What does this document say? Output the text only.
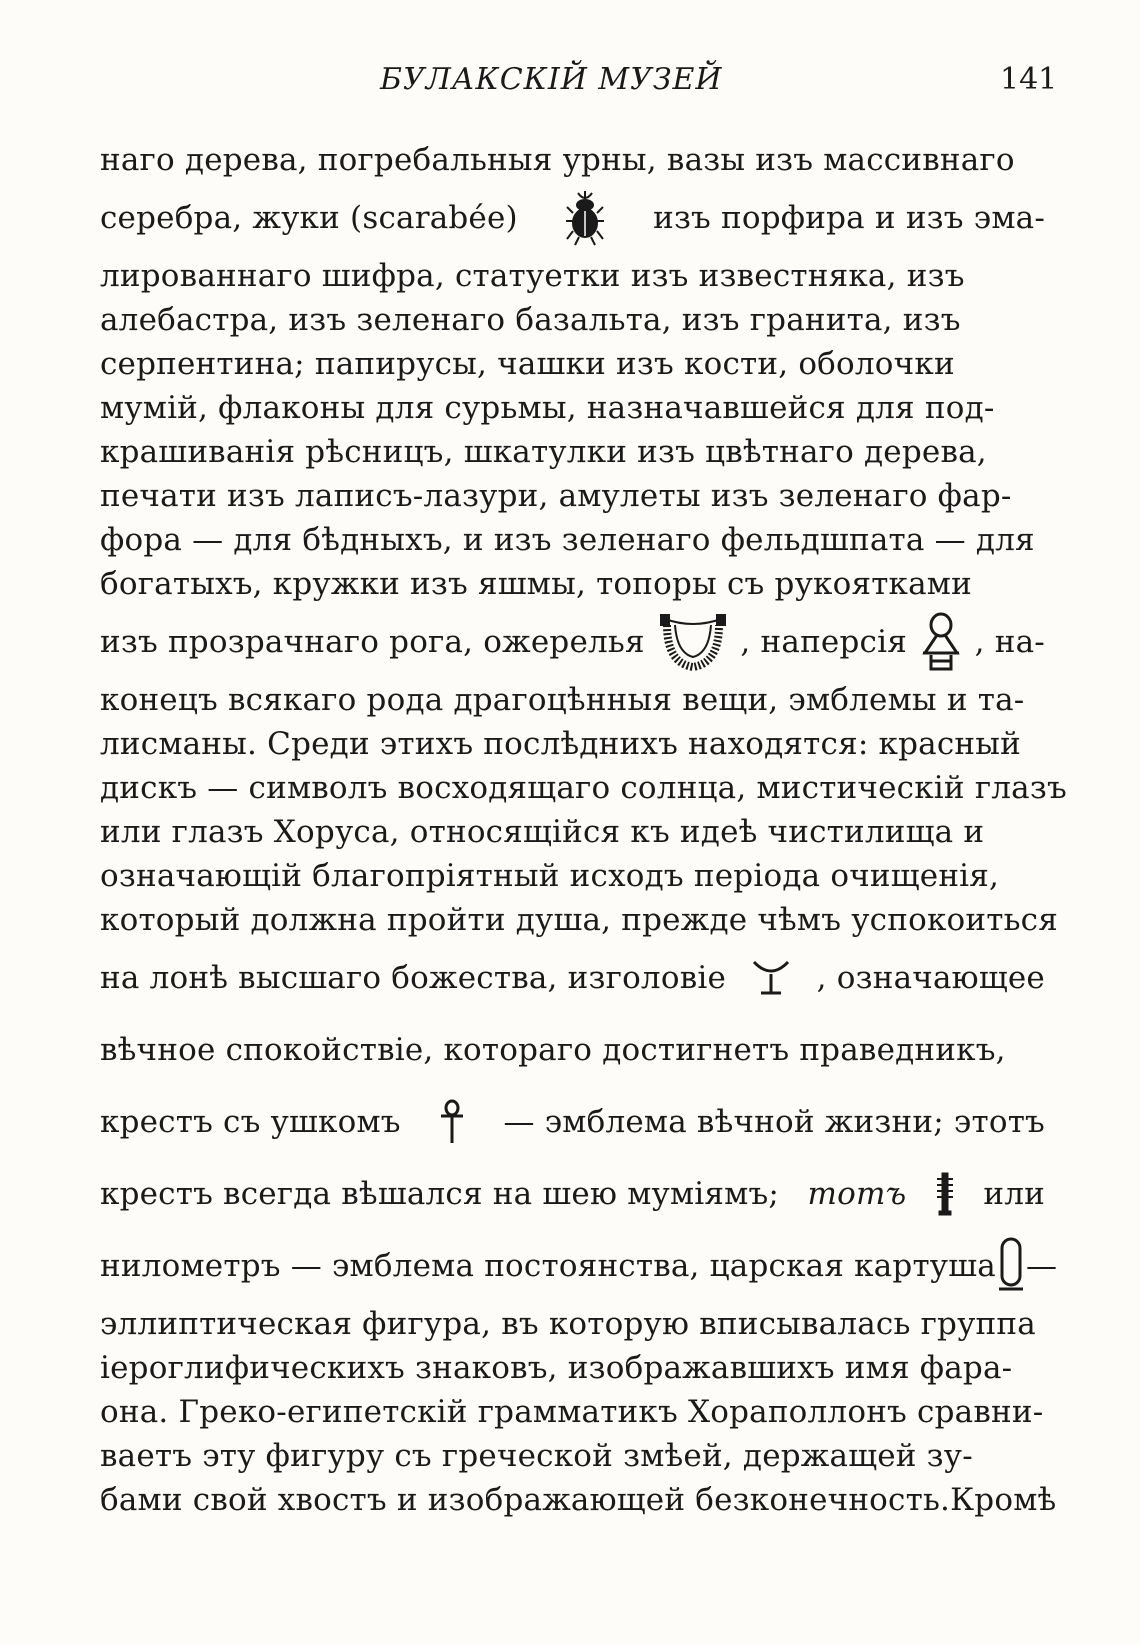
БУЛАКСКІЙ МУЗЕЙ	141
наго дерева, погребальныя урны, вазы изъ массивнаго
серебра, жуки (scarabée)	изъ порфира и изъ эма-
лированнаго шифра, статуетки изъ известняка, изъ
алебастра, изъ зеленаго базальта, изъ гранита, изъ
серпентина; папирусы, чашки изъ кости, оболочки
мумій, флаконы для сурьмы, назначавшейся для под-
крашиванія рѣсницъ, шкатулки изъ цвѣтнаго дерева,
печати изъ лаписъ-лазури, амулеты изъ зеленаго фар-
фора — для бѣдныхъ, и изъ зеленаго фельдшпата — для
богатыхъ, кружки изъ яшмы, топоры съ рукоятками
изъ прозрачнаго рога, ожерелья	, наперсія , на-
конецъ всякаго рода драгоцѣнныя вещи, эмблемы и та-
лисманы. Среди этихъ послѣднихъ находятся: красный
дискъ — символъ восходящаго солнца, мистическій глазъ
или глазъ Хоруса, относящійся къ идеѣ чистилища и
означающій благопріятный исходъ періода очищенія,
который должна пройти душа, прежде чѣмъ успокоиться
на лонѣ высшаго божества, изголовіе	, означающее
вѣчное спокойствіе, котораго достигнетъ праведникъ,
крестъ съ ушкомъ	— эмблема вѣчной жизни; этотъ
крестъ всегда вѣшался на шею муміямъ; тотъ или
нилометръ — эмблема постоянства, царская картуша —
эллиптическая фигура, въ которую вписывалась группа
іероглифическихъ знаковъ, изображавшихъ имя фара-
она. Греко-египетскій грамматикъ Хораполлонъ сравни-
ваетъ эту фигуру съ греческой змѣей, держащей зу-
бами свой хвостъ и изображающей безконечность. Кромѣ
